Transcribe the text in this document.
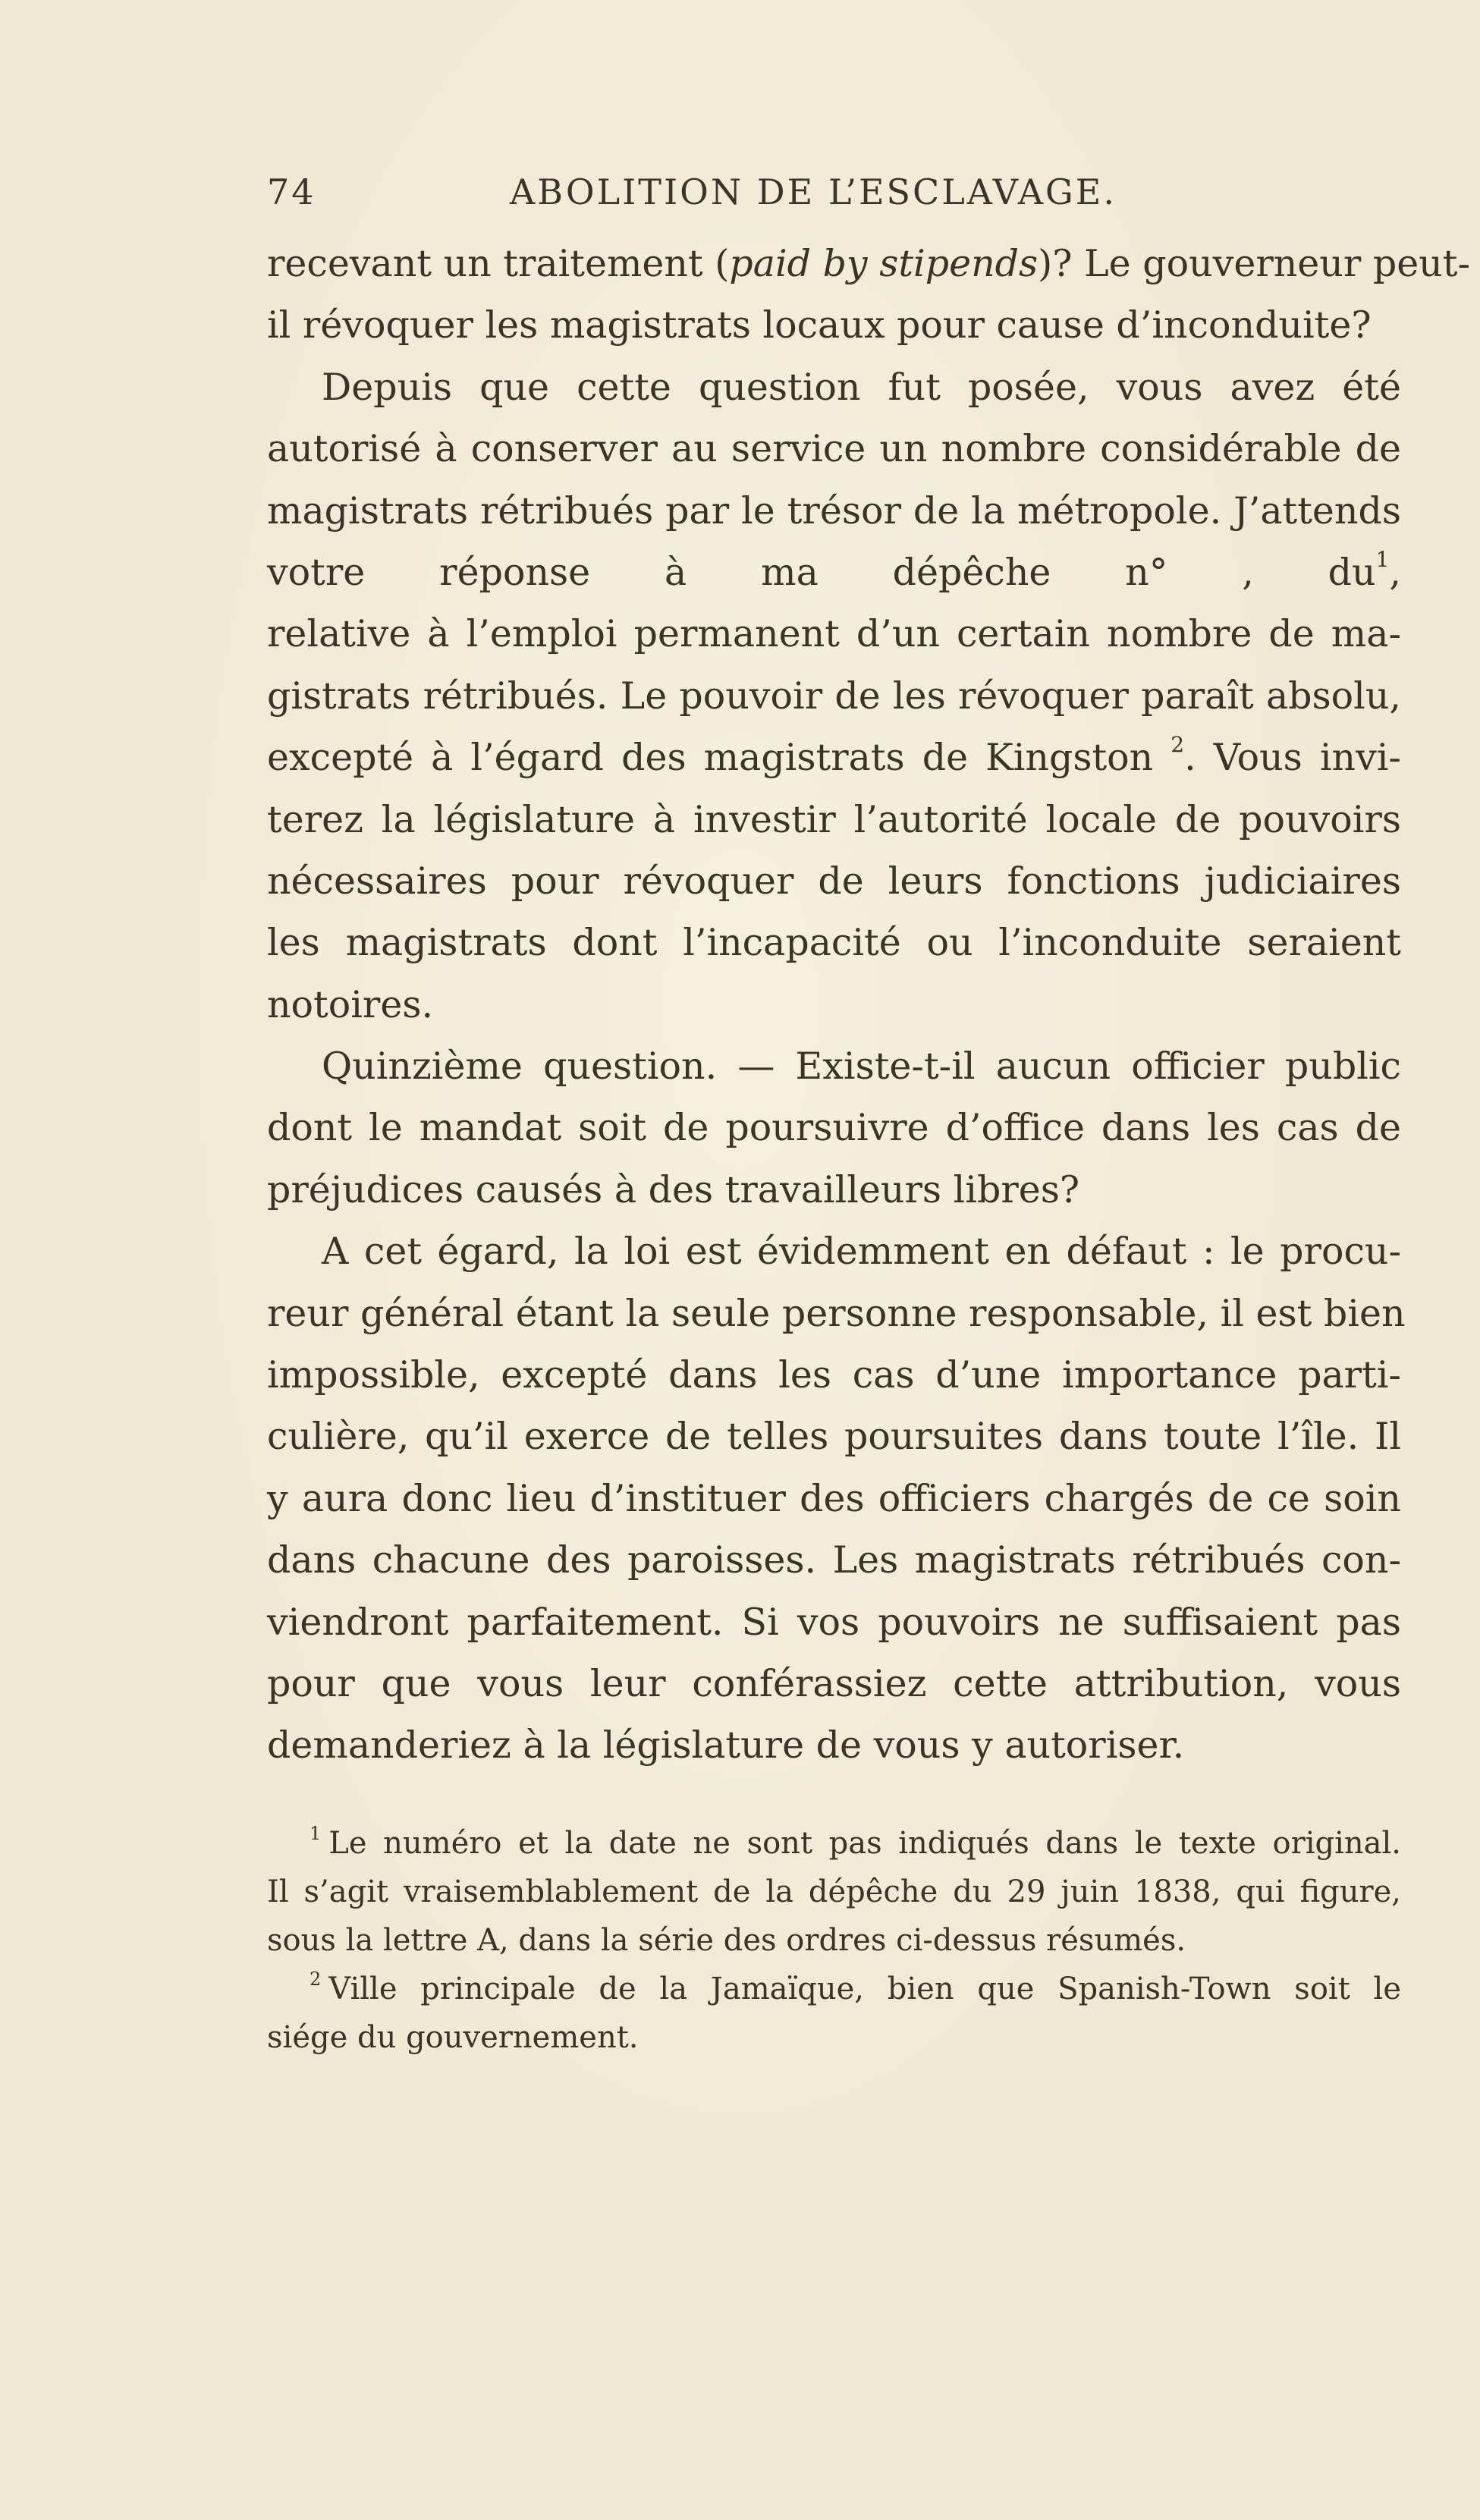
74	ABOLITION DE L’ESCLAVAGE.
recevant un traitement (paid by stipends)? Le gouverneur peut-
il révoquer les magistrats locaux pour cause d’inconduite?
Depuis que cette question fut posée, vous avez été
autorisé à conserver au service un nombre considérable de
magistrats rétribués par le trésor de la métropole. J’attends
votre réponse à ma dépêche n° , $du^1$,
relative à l’emploi permanent d’un certain nombre de ma-
gistrats rétribués. Le pouvoir de les révoquer paraît absolu,
excepté à l’égard des magistrats de Kingston $^2$. Vous invi-
terez la législature à investir l’autorité locale de pouvoirs
nécessaires pour révoquer de leurs fonctions judiciaires
les magistrats dont l’incapacité ou l’inconduite seraient
notoires.
Quinzième question. — Existe-t-il aucun officier public
dont le mandat soit de poursuivre d’office dans les cas de
préjudices causés à des travailleurs libres?
A cet égard, la loi est évidemment en défaut : le procu-
reur général étant la seule personne responsable, il est bien
impossible, excepté dans les cas d’une importance parti-
culière, qu’il exerce de telles poursuites dans toute l’île. Il
y aura donc lieu d’instituer des officiers chargés de ce soin
dans chacune des paroisses. Les magistrats rétribués con-
viendront parfaitement. Si vos pouvoirs ne suffisaient pas
pour que vous leur conférassiez cette attribution, vous
demanderiez à la législature de vous y autoriser.
$^1$ Le numéro et la date ne sont pas indiqués dans le texte original.
Il s’agit vraisemblablement de la dépêche du 29 juin 1838, qui figure,
sous la lettre A, dans la série des ordres ci-dessus résumés.
$^2$ Ville principale de la Jamaïque, bien que Spanish-Town soit le
siége du gouvernement.
